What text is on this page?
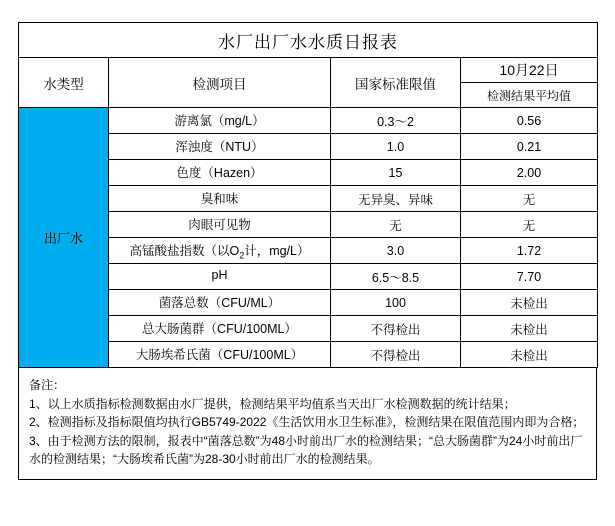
水厂出厂水水质日报表			
水类型	检测项目	国家标准限值	10月22日
			检测结果平均值
出厂水	游离氯（mg/L）	0.3～2	0.56
	浑浊度（NTU）	1.0	0.21
	色度（Hazen）	15	2.00
	臭和味	无异臭、异味	无
	肉眼可见物	无	无
	高锰酸盐指数（以$O_2$计，mg/L）	3.0	1.72
	pH	6.5～8.5	7.70
	菌落总数（CFU/ML）	100	未检出
	总大肠菌群（CFU/100ML）	不得检出	未检出
	大肠埃希氏菌（CFU/100ML）	不得检出	未检出

备注：

1、以上水质指标检测数据由水厂提供，检测结果平均值系当天出厂水检测数据的统计结果；

2、检测指标及指标限值均执行GB5749-2022《生活饮用水卫生标准》，检测结果在限值范围内即为合格；

3、由于检测方法的限制，报表中“菌落总数”为48小时前出厂水的检测结果；“总大肠菌群”为24小时前出厂水的检测结果；“大肠埃希氏菌”为28-30小时前出厂水的检测结果。
